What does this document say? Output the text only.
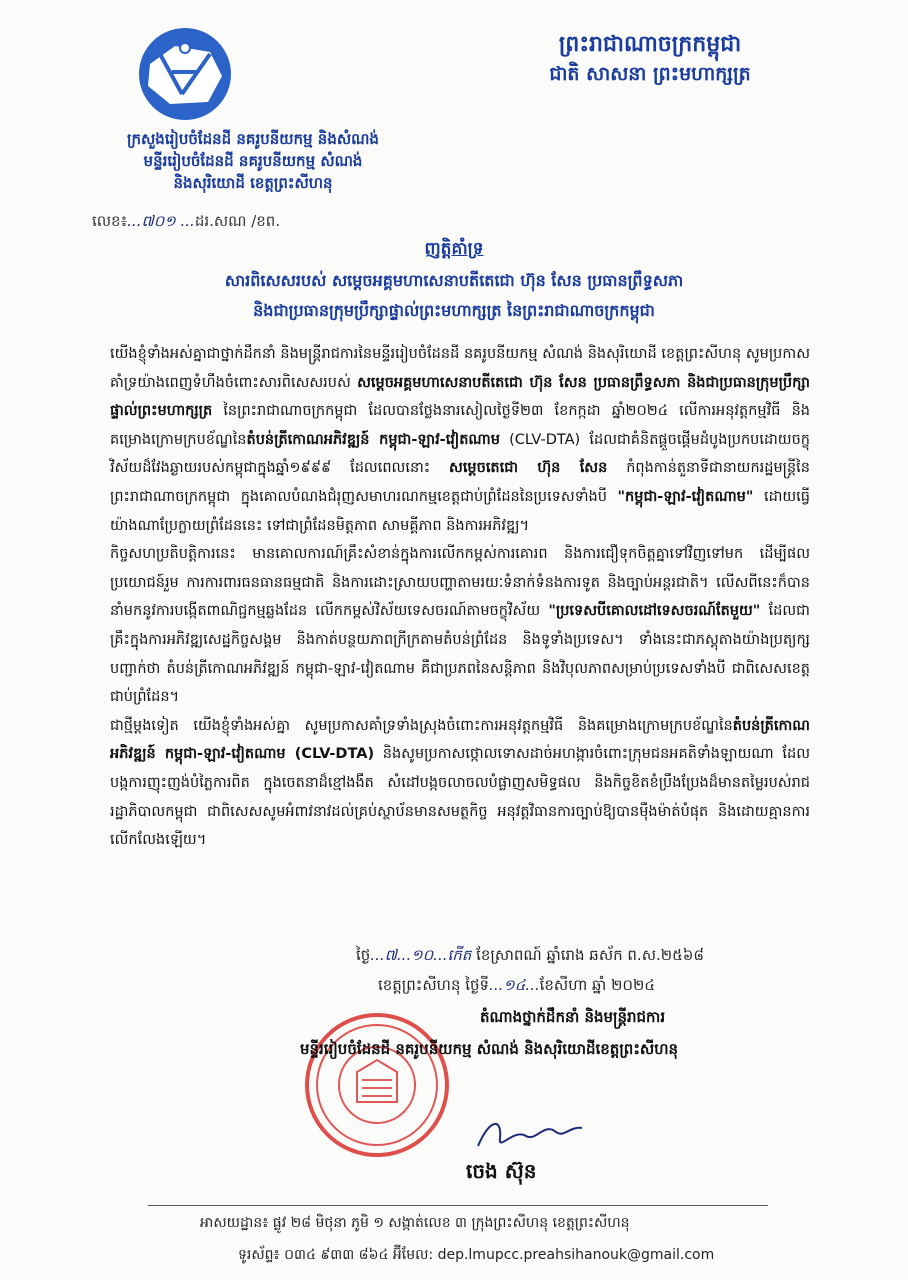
ព្រះរាជាណាចក្រកម្ពុជា
ជាតិ សាសនា ព្រះមហាក្សត្រ
ក្រសួងរៀបចំដែនដី នគរូបនីយកម្ម និងសំណង់
មន្ទីររៀបចំដែនដី នគរូបនីយកម្ម សំណង់
និងសុរិយោដី ខេត្តព្រះសីហនុ
លេខ៖...៧០១ ...ដរ.សណ /ខព.
ញត្តិគាំទ្រ
សារពិសេសរបស់ សម្តេចអគ្គមហាសេនាបតីតេជោ ហ៊ុន សែន ប្រធានព្រឹទ្ធសភា
និងជាប្រធានក្រុមប្រឹក្សាផ្ទាល់ព្រះមហាក្សត្រ នៃព្រះរាជាណាចក្រកម្ពុជា

យើងខ្ញុំទាំងអស់គ្នាជាថ្នាក់ដឹកនាំ និងមន្ត្រីរាជការនៃមន្ទីររៀបចំដែនដី នគរូបនីយកម្ម សំណង់ និងសុរិយោដី ខេត្តព្រះសីហនុ សូមប្រកាសគាំទ្រយ៉ាងពេញទំហឹងចំពោះសារពិសេសរបស់ សម្តេចអគ្គមហាសេនាបតីតេជោ ហ៊ុន សែន ប្រធានព្រឹទ្ធសភា និងជាប្រធានក្រុមប្រឹក្សាផ្ទាល់ព្រះមហាក្សត្រ នៃព្រះរាជាណាចក្រកម្ពុជា ដែលបានថ្លែងនារសៀលថ្ងៃទី២៣ ខែកក្កដា ឆ្នាំ២០២៤ លើការអនុវត្តកម្មវិធី និងគម្រោងក្រោមក្របខ័ណ្ឌនៃតំបន់ត្រីកោណអភិវឌ្ឍន៍ កម្ពុជា-ឡាវ-វៀតណាម (CLV-DTA) ដែលជាគំនិតផ្តួចផ្តើមដំបូងប្រកបដោយចក្ខុវិស័យដ៏វែងឆ្ងាយរបស់កម្ពុជាក្នុងឆ្នាំ១៩៩៩ ដែលពេលនោះ សម្តេចតេជោ ហ៊ុន សែន កំពុងកាន់តួនាទីជានាយករដ្ឋមន្ត្រីនៃព្រះរាជាណាចក្រកម្ពុជា ក្នុងគោលបំណងជំរុញសមាហរណកម្មខេត្តជាប់ព្រំដែននៃប្រទេសទាំងបី "កម្ពុជា-ឡាវ-វៀតណាម" ដោយធ្វើយ៉ាងណាប្រែក្លាយព្រំដែននេះ ទៅជាព្រំដែនមិត្តភាព សាមគ្គីភាព និងការអភិវឌ្ឍ។

កិច្ចសហប្រតិបត្តិការនេះ មានគោលការណ៍គ្រឹះសំខាន់ក្នុងការលើកកម្ពស់ការគោរព និងការជឿទុកចិត្តគ្នាទៅវិញទៅមក ដើម្បីផលប្រយោជន៍រួម ការការពារធនធានធម្មជាតិ និងការដោះស្រាយបញ្ហាតាមរយៈទំនាក់ទំនងការទូត និងច្បាប់អន្តរជាតិ។ លើសពីនេះក៏បាននាំមកនូវការបង្កើតពាណិជ្ជកម្មឆ្លងដែន លើកកម្ពស់វិស័យទេសចរណ៍តាមចក្ខុវិស័យ "ប្រទេសបីគោលដៅទេសចរណ៍តែមួយ" ដែលជាគ្រឹះក្នុងការអភិវឌ្ឍសេដ្ឋកិច្ចសង្គម និងកាត់បន្ថយភាពក្រីក្រតាមតំបន់ព្រំដែន និងទូទាំងប្រទេស។ ទាំងនេះជាភស្តុតាងយ៉ាងប្រត្យក្សបញ្ជាក់ថា តំបន់ត្រីកោណអភិវឌ្ឍន៍ កម្ពុជា-ឡាវ-វៀតណាម គឺជាប្រភពនៃសន្តិភាព និងវិបុលភាពសម្រាប់ប្រទេសទាំងបី ជាពិសេសខេត្តជាប់ព្រំដែន។

ជាថ្មីម្តងទៀត យើងខ្ញុំទាំងអស់គ្នា សូមប្រកាសគាំទ្រទាំងស្រុងចំពោះការអនុវត្តកម្មវិធី និងគម្រោងក្រោមក្របខ័ណ្ឌនៃតំបន់ត្រីកោណអភិវឌ្ឍន៍ កម្ពុជា-ឡាវ-វៀតណាម (CLV-DTA) និងសូមប្រកាសថ្កោលទោសដាច់អហង្ការចំពោះក្រុមជនអគតិទាំងឡាយណា ដែលបង្កការញុះញង់បំភ្លៃការពិត ក្នុងចេតនាដ៏ខ្មៅងងឹត សំដៅបង្កចលាចលបំផ្លាញសមិទ្ធផល និងកិច្ចខិតខំប្រឹងប្រែងដ៏មានតម្លៃរបស់រាជរដ្ឋាភិបាលកម្ពុជា ជាពិសេសសូមអំពាវនាវដល់គ្រប់ស្ថាប័នមានសមត្ថកិច្ច អនុវត្តវិធានការច្បាប់ឱ្យបានម៉ឺងម៉ាត់បំផុត និងដោយគ្មានការលើកលែងឡើយ។

ថ្ងៃ...៧...១០...កើត ខែស្រាពណ៍ ឆ្នាំរោង ឆស័ក ព.ស.២៥៦៨
ខេត្តព្រះសីហនុ ថ្ងៃទី...១៤...ខែសីហា ឆ្នាំ ២០២៤
តំណាងថ្នាក់ដឹកនាំ និងមន្ត្រីរាជការ
មន្ទីររៀបចំដែនដី នគរូបនីយកម្ម សំណង់ និងសុរិយោដីខេត្តព្រះសីហនុ
ចេង ស៊ុន
អាសយដ្ឋាន៖ ផ្លូវ ២៨ មិថុនា ភូមិ ១ សង្កាត់លេខ ៣ ក្រុងព្រះសីហនុ ខេត្តព្រះសីហនុ
ទូរស័ព្ទ៖ ០៣៤ ៩៣៣ ៨៦៤ អ៊ីមែល: dep.lmupcc.preahsihanouk@gmail.com
